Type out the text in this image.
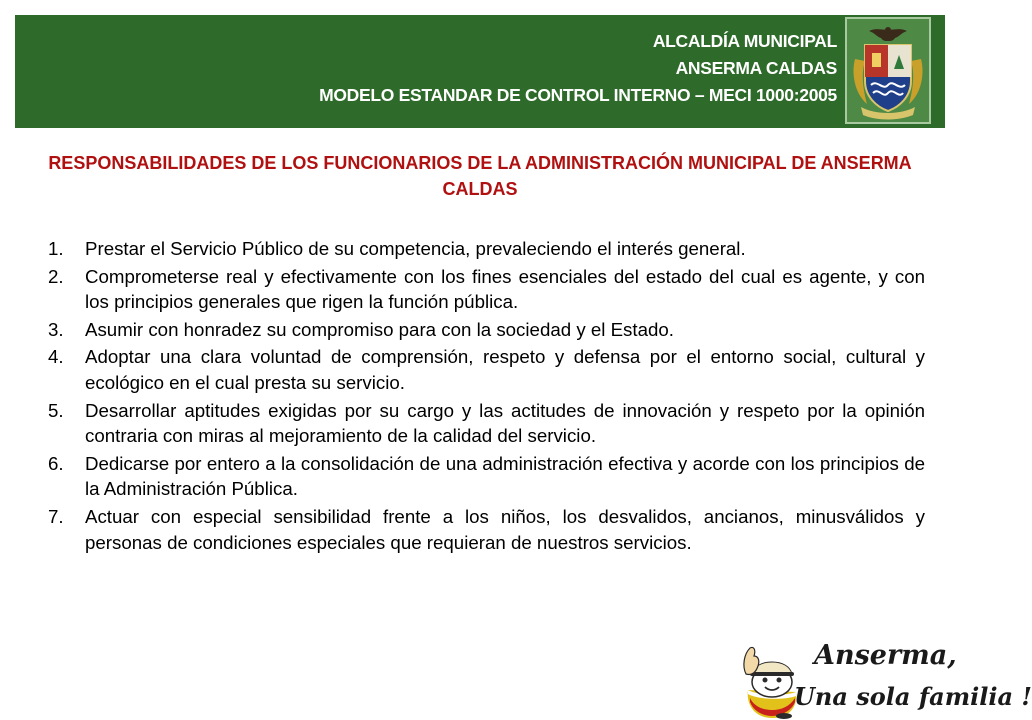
ALCALDÍA MUNICIPAL
ANSERMA CALDAS
MODELO ESTANDAR DE CONTROL INTERNO – MECI 1000:2005
RESPONSABILIDADES DE LOS FUNCIONARIOS DE LA ADMINISTRACIÓN MUNICIPAL DE ANSERMA CALDAS
1.	Prestar el Servicio Público de su competencia, prevaleciendo el interés general.
2.	Comprometerse real y efectivamente con los fines esenciales del estado del cual es agente, y con los principios generales que rigen la función pública.
3.	Asumir con honradez su compromiso para con la sociedad y el Estado.
4.	Adoptar una clara voluntad de comprensión, respeto y defensa por el entorno social, cultural y ecológico en el cual presta su servicio.
5.	Desarrollar aptitudes exigidas por su cargo y las actitudes de innovación y respeto por la opinión contraria con miras al mejoramiento de la calidad del servicio.
6.	Dedicarse por entero a la consolidación de una administración efectiva y acorde con los principios de la Administración Pública.
7.	Actuar con especial sensibilidad frente a los niños, los desvalidos, ancianos, minusválidos y personas de condiciones especiales que requieran de nuestros servicios.
Anserma,
Una sola familia !
